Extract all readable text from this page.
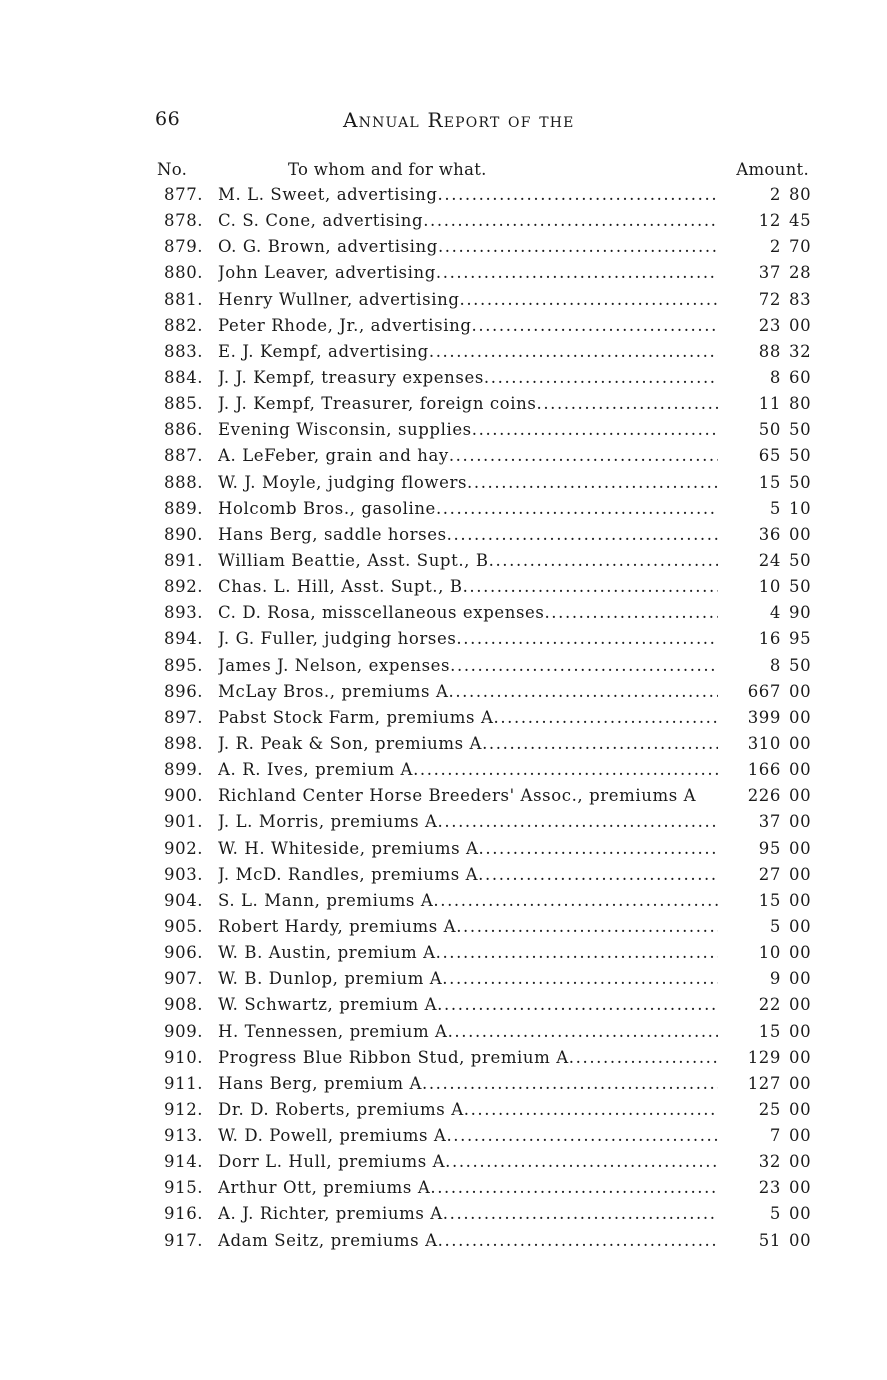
66	Annual Report of the
No.	To whom and for what.	Amount.
877. M. L. Sweet, advertising .....	2 80
878. C. S. Cone, advertising .....	12 45
879. O. G. Brown, advertising .....	2 70
880. John Leaver, advertising .....	37 28
881. Henry Wullner, advertising .....	72 83
882. Peter Rhode, Jr., advertising .....	23 00
883. E. J. Kempf, advertising .....	88 32
884. J. J. Kempf, treasury expenses .....	8 60
885. J. J. Kempf, Treasurer, foreign coins .....	11 80
886. Evening Wisconsin, supplies .....	50 50
887. A. LeFeber, grain and hay .....	65 50
888. W. J. Moyle, judging flowers .....	15 50
889. Holcomb Bros., gasoline .....	5 10
890. Hans Berg, saddle horses .....	36 00
891. William Beattie, Asst. Supt., B .....	24 50
892. Chas. L. Hill, Asst. Supt., B .....	10 50
893. C. D. Rosa, misscellaneous expenses .....	4 90
894. J. G. Fuller, judging horses .....	16 95
895. James J. Nelson, expenses .....	8 50
896. McLay Bros., premiums A .....	667 00
897. Pabst Stock Farm, premiums A .....	399 00
898. J. R. Peak & Son, premiums A .....	310 00
899. A. R. Ives, premium A .....	166 00
900. Richland Center Horse Breeders' Assoc., premiums A	226 00
901. J. L. Morris, premiums A .....	37 00
902. W. H. Whiteside, premiums A .....	95 00
903. J. McD. Randles, premiums A .....	27 00
904. S. L. Mann, premiums A .....	15 00
905. Robert Hardy, premiums A .....	5 00
906. W. B. Austin, premium A .....	10 00
907. W. B. Dunlop, premium A .....	9 00
908. W. Schwartz, premium A .....	22 00
909. H. Tennessen, premium A .....	15 00
910. Progress Blue Ribbon Stud, premium A .....	129 00
911. Hans Berg, premium A .....	127 00
912. Dr. D. Roberts, premiums A .....	25 00
913. W. D. Powell, premiums A .....	7 00
914. Dorr L. Hull, premiums A .....	32 00
915. Arthur Ott, premiums A .....	23 00
916. A. J. Richter, premiums A .....	5 00
917. Adam Seitz, premiums A .....	51 00
